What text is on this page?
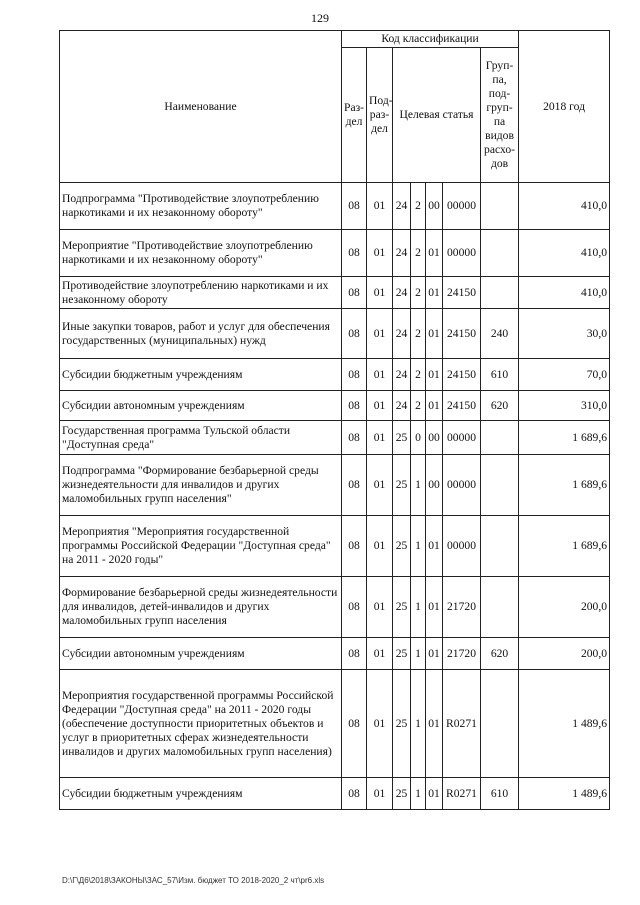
129
Наименование	Код классификации							2018 год
	Раз-дел	Под-раз-дел	Целевая статья				Груп-па, под-груп-па видов расхо-дов	
Подпрограмма "Противодействие злоупотреблению наркотиками и их незаконному обороту"	08	01	24	2	00	00000		410,0
Мероприятие "Противодействие злоупотреблению наркотиками и их незаконному обороту"	08	01	24	2	01	00000		410,0
Противодействие злоупотреблению наркотиками и их незаконному обороту	08	01	24	2	01	24150		410,0
Иные закупки товаров, работ и услуг для обеспечения государственных (муниципальных) нужд	08	01	24	2	01	24150	240	30,0
Субсидии бюджетным учреждениям	08	01	24	2	01	24150	610	70,0
Субсидии автономным учреждениям	08	01	24	2	01	24150	620	310,0
Государственная программа Тульской области "Доступная среда"	08	01	25	0	00	00000		1 689,6
Подпрограмма "Формирование безбарьерной среды жизнедеятельности для инвалидов и других маломобильных групп населения"	08	01	25	1	00	00000		1 689,6
Мероприятия "Мероприятия государственной программы Российской Федерации "Доступная среда" на 2011 - 2020 годы"	08	01	25	1	01	00000		1 689,6
Формирование безбарьерной среды жизнедеятельности для инвалидов, детей-инвалидов и других маломобильных групп населения	08	01	25	1	01	21720		200,0
Субсидии автономным учреждениям	08	01	25	1	01	21720	620	200,0
Мероприятия государственной программы Российской Федерации "Доступная среда" на 2011 - 2020 годы (обеспечение доступности приоритетных объектов и услуг в приоритетных сферах жизнедеятельности инвалидов и других маломобильных групп населения)	08	01	25	1	01	R0271		1 489,6
Субсидии бюджетным учреждениям	08	01	25	1	01	R0271	610	1 489,6
D:\Г\Д6\2018\ЗАКОНЫ\ЗАС_57\Изм. бюджет ТО 2018-2020_2 чт\pr6.xls
